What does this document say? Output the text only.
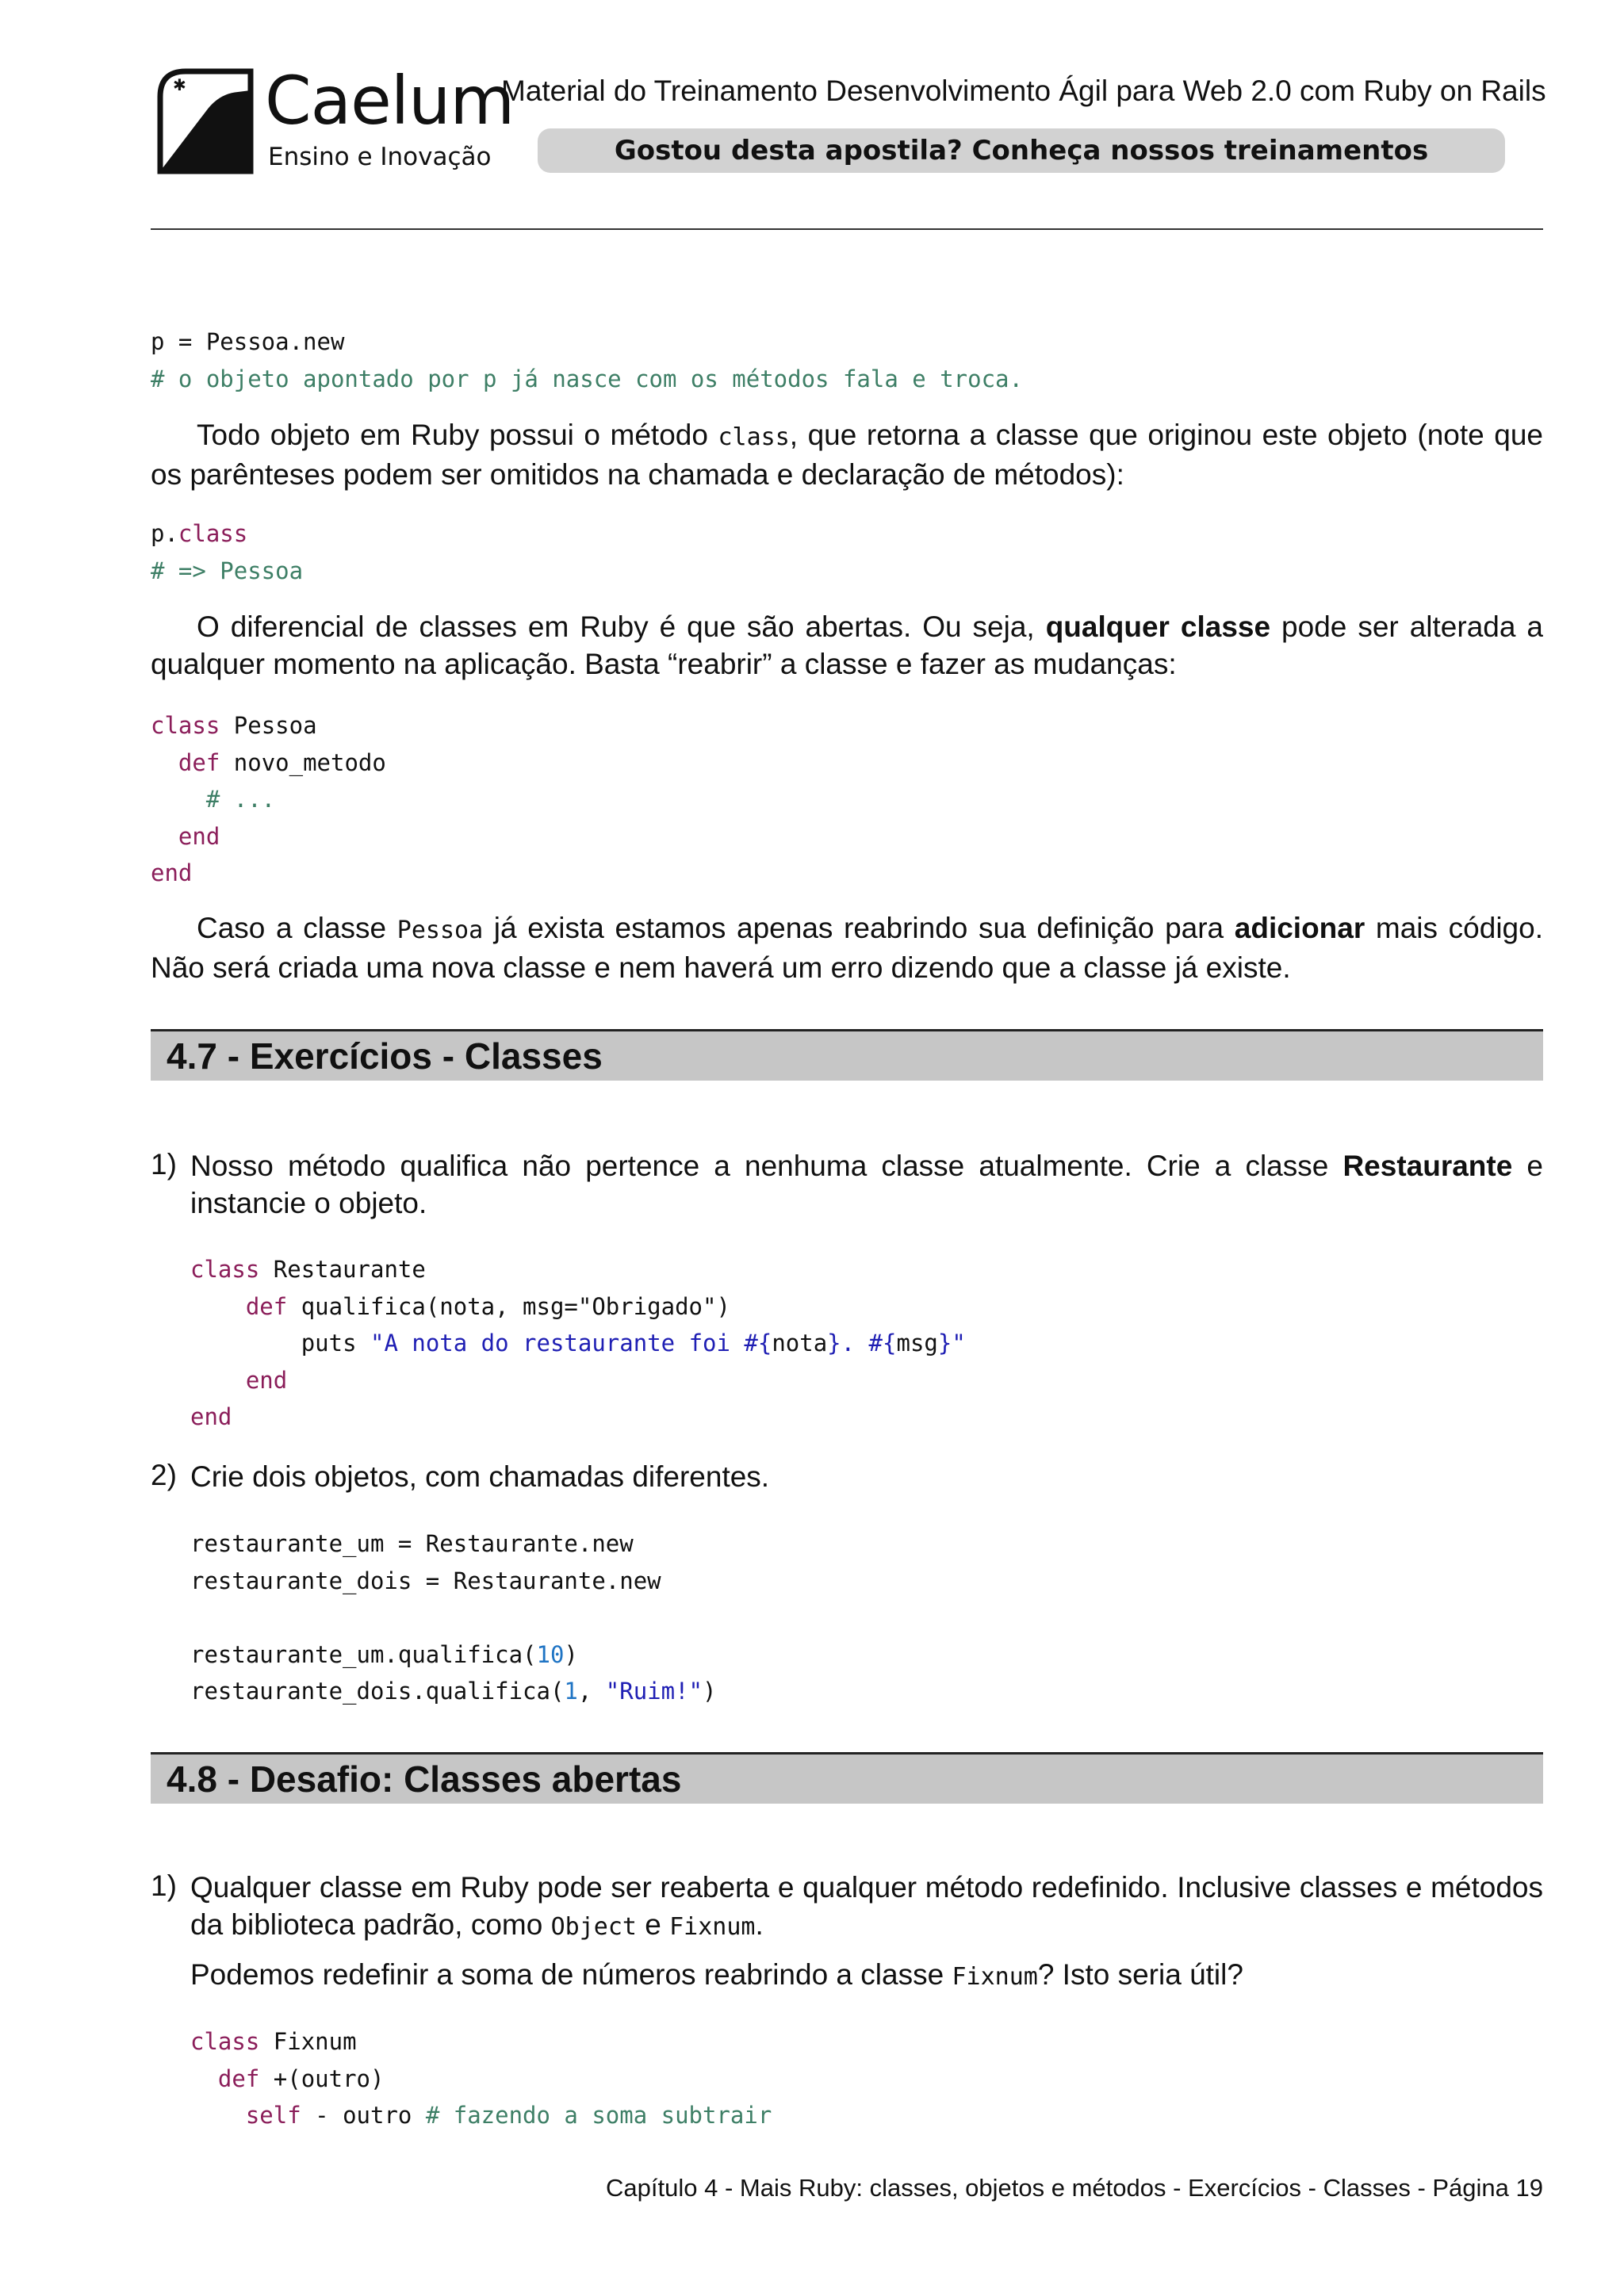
✱ Caelum
Ensino e Inovação
Material do Treinamento Desenvolvimento Ágil para Web 2.0 com Ruby on Rails
Gostou desta apostila? Conheça nossos treinamentos
p = Pessoa.new
# o objeto apontado por p já nasce com os métodos fala e troca.

Todo objeto em Ruby possui o método class, que retorna a classe que originou este objeto (note que os parênteses podem ser omitidos na chamada e declaração de métodos):

p.class
# => Pessoa

O diferencial de classes em Ruby é que são abertas. Ou seja, qualquer classe pode ser alterada a qualquer momento na aplicação. Basta “reabrir” a classe e fazer as mudanças:

class Pessoa
def novo_metodo
# ...
end
end

Caso a classe Pessoa já exista estamos apenas reabrindo sua definição para adicionar mais código. Não será criada uma nova classe e nem haverá um erro dizendo que a classe já existe.

4.7 - Exercícios - Classes
1) Nosso método qualifica não pertence a nenhuma classe atualmente. Crie a classe Restaurante e instancie o objeto.

class Restaurante
def qualifica(nota, msg="Obrigado")
puts "A nota do restaurante foi #{nota}. #{msg}"
end
end
2) Crie dois objetos, com chamadas diferentes.

restaurante_um = Restaurante.new
restaurante_dois = Restaurante.new

restaurante_um.qualifica(10)
restaurante_dois.qualifica(1, "Ruim!")
4.8 - Desafio: Classes abertas
1) Qualquer classe em Ruby pode ser reaberta e qualquer método redefinido. Inclusive classes e métodos da biblioteca padrão, como Object e Fixnum.

Podemos redefinir a soma de números reabrindo a classe Fixnum? Isto seria útil?

class Fixnum
def +(outro)
self - outro # fazendo a soma subtrair
Capítulo 4 - Mais Ruby: classes, objetos e métodos - Exercícios - Classes - Página 19
